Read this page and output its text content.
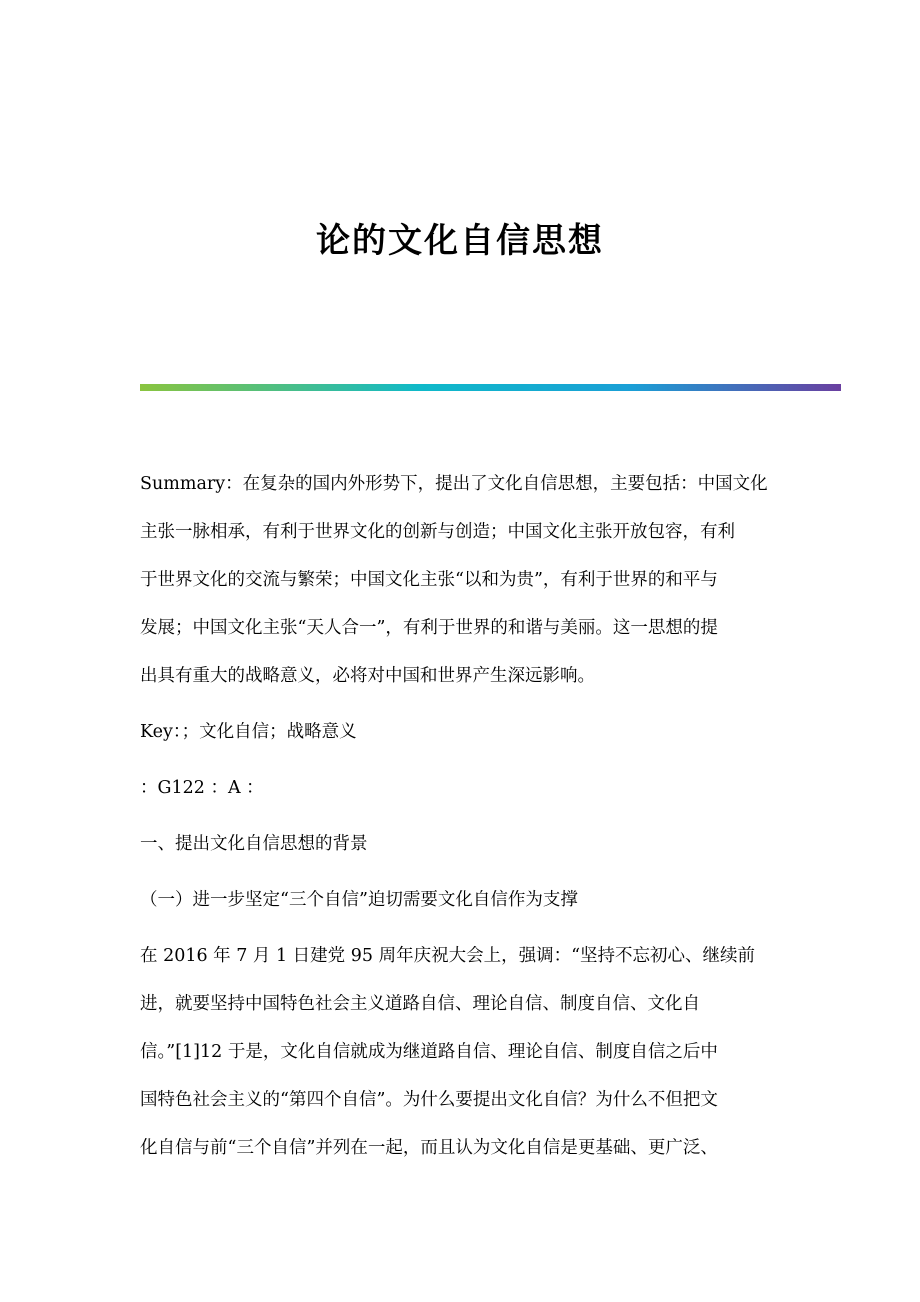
论的文化自信思想
Summary：在复杂的国内外形势下，提出了文化自信思想，主要包括：中国文化
主张一脉相承，有利于世界文化的创新与创造；中国文化主张开放包容，有利
于世界文化的交流与繁荣；中国文化主张“以和为贵”，有利于世界的和平与
发展；中国文化主张“天人合一”，有利于世界的和谐与美丽。这一思想的提
出具有重大的战略意义，必将对中国和世界产生深远影响。
Key：；文化自信；战略意义
：G122 ：A ：
一、提出文化自信思想的背景
（一）进一步坚定“三个自信”迫切需要文化自信作为支撑
在 2016 年 7 月 1 日建党 95 周年庆祝大会上，强调：“坚持不忘初心、继续前
进，就要坚持中国特色社会主义道路自信、理论自信、制度自信、文化自
信。”[1]12 于是，文化自信就成为继道路自信、理论自信、制度自信之后中
国特色社会主义的“第四个自信”。为什么要提出文化自信？为什么不但把文
化自信与前“三个自信”并列在一起，而且认为文化自信是更基础、更广泛、
